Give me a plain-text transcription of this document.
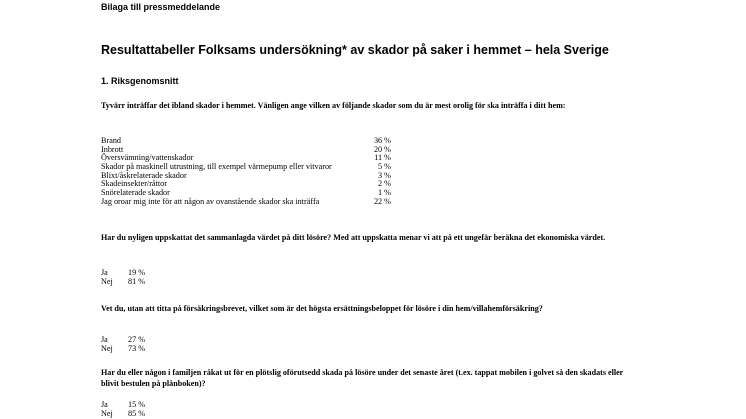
Bilaga till pressmeddelande
Resultattabeller Folksams undersökning* av skador på saker i hemmet – hela Sverige
1. Riksgenomsnitt
Tyvärr inträffar det ibland skador i hemmet. Vänligen ange vilken av följande skador som du är mest orolig för ska inträffa i ditt hem:
Brand	36 %
Inbrott	20 %
Översvämning/vattenskador	11 %
Skador på maskinell utrustning, till exempel värmepump eller vitvaror	5 %
Blixt/åskrelaterade skador	3 %
Skadeinsekter/råttor	2 %
Snörelaterade skador	1 %
Jag oroar mig inte för att någon av ovanstående skador ska inträffa	22 %
Har du nyligen uppskattat det sammanlagda värdet på ditt lösöre? Med att uppskatta menar vi att på ett ungefär beräkna det ekonomiska värdet.
Ja 19 %
Nej 81 %
Vet du, utan att titta på försäkringsbrevet, vilket som är det högsta ersättningsbeloppet för lösöre i din hem/villahemförsäkring?
Ja 27 %
Nej 73 %
Har du eller någon i familjen råkat ut för en plötslig oförutsedd skada på lösöre under det senaste året (t.ex. tappat mobilen i golvet så den skadats eller blivit bestulen på plånboken)?
Ja 15 %
Nej 85 %
